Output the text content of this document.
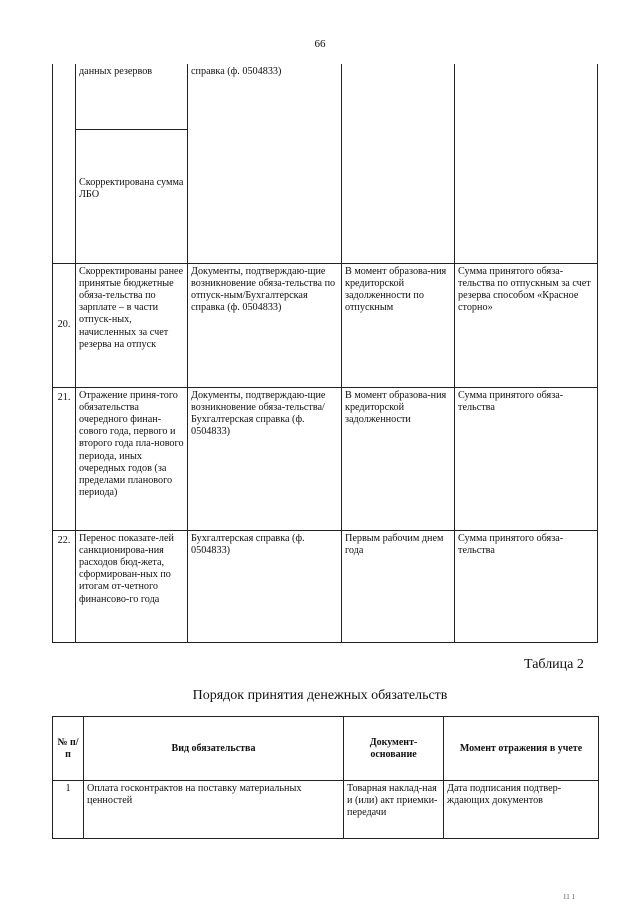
66
	данных резервов	справка (ф. 0504833)		
	Скорректирована сумма ЛБО			
20.	Скорректированы ранее принятые бюджетные обяза-тельства по зарплате – в части отпуск-ных, начисленных за счет резерва на отпуск	Документы, подтверждаю-щие возникновение обяза-тельства по отпуск-ным/Бухгалтерская справка (ф. 0504833)	В момент образова-ния кредиторской задолженности по отпускным	Сумма принятого обяза-тельства по отпускным за счет резерва способом «Красное сторно»
21.	Отражение приня-того обязательства очередного финан-сового года, первого и второго года пла-нового периода, иных очередных годов (за пределами планового периода)	Документы, подтверждаю-щие возникновение обяза-тельства/Бухгалтерская справка (ф. 0504833)	В момент образова-ния кредиторской задолженности	Сумма принятого обяза-тельства
22.	Перенос показате-лей санкционирова-ния расходов бюд-жета, сформирован-ных по итогам от-четного финансово-го года	Бухгалтерская справка (ф. 0504833)	Первым рабочим днем года	Сумма принятого обяза-тельства
Таблица 2
Порядок принятия денежных обязательств
№ п/п	Вид обязательства	Документ-основание	Момент отражения в учете
1	Оплата госконтрактов на поставку материальных ценностей	Товарная наклад-ная и (или) акт приемки-передачи	Дата подписания подтвер-ждающих документов
11 1
